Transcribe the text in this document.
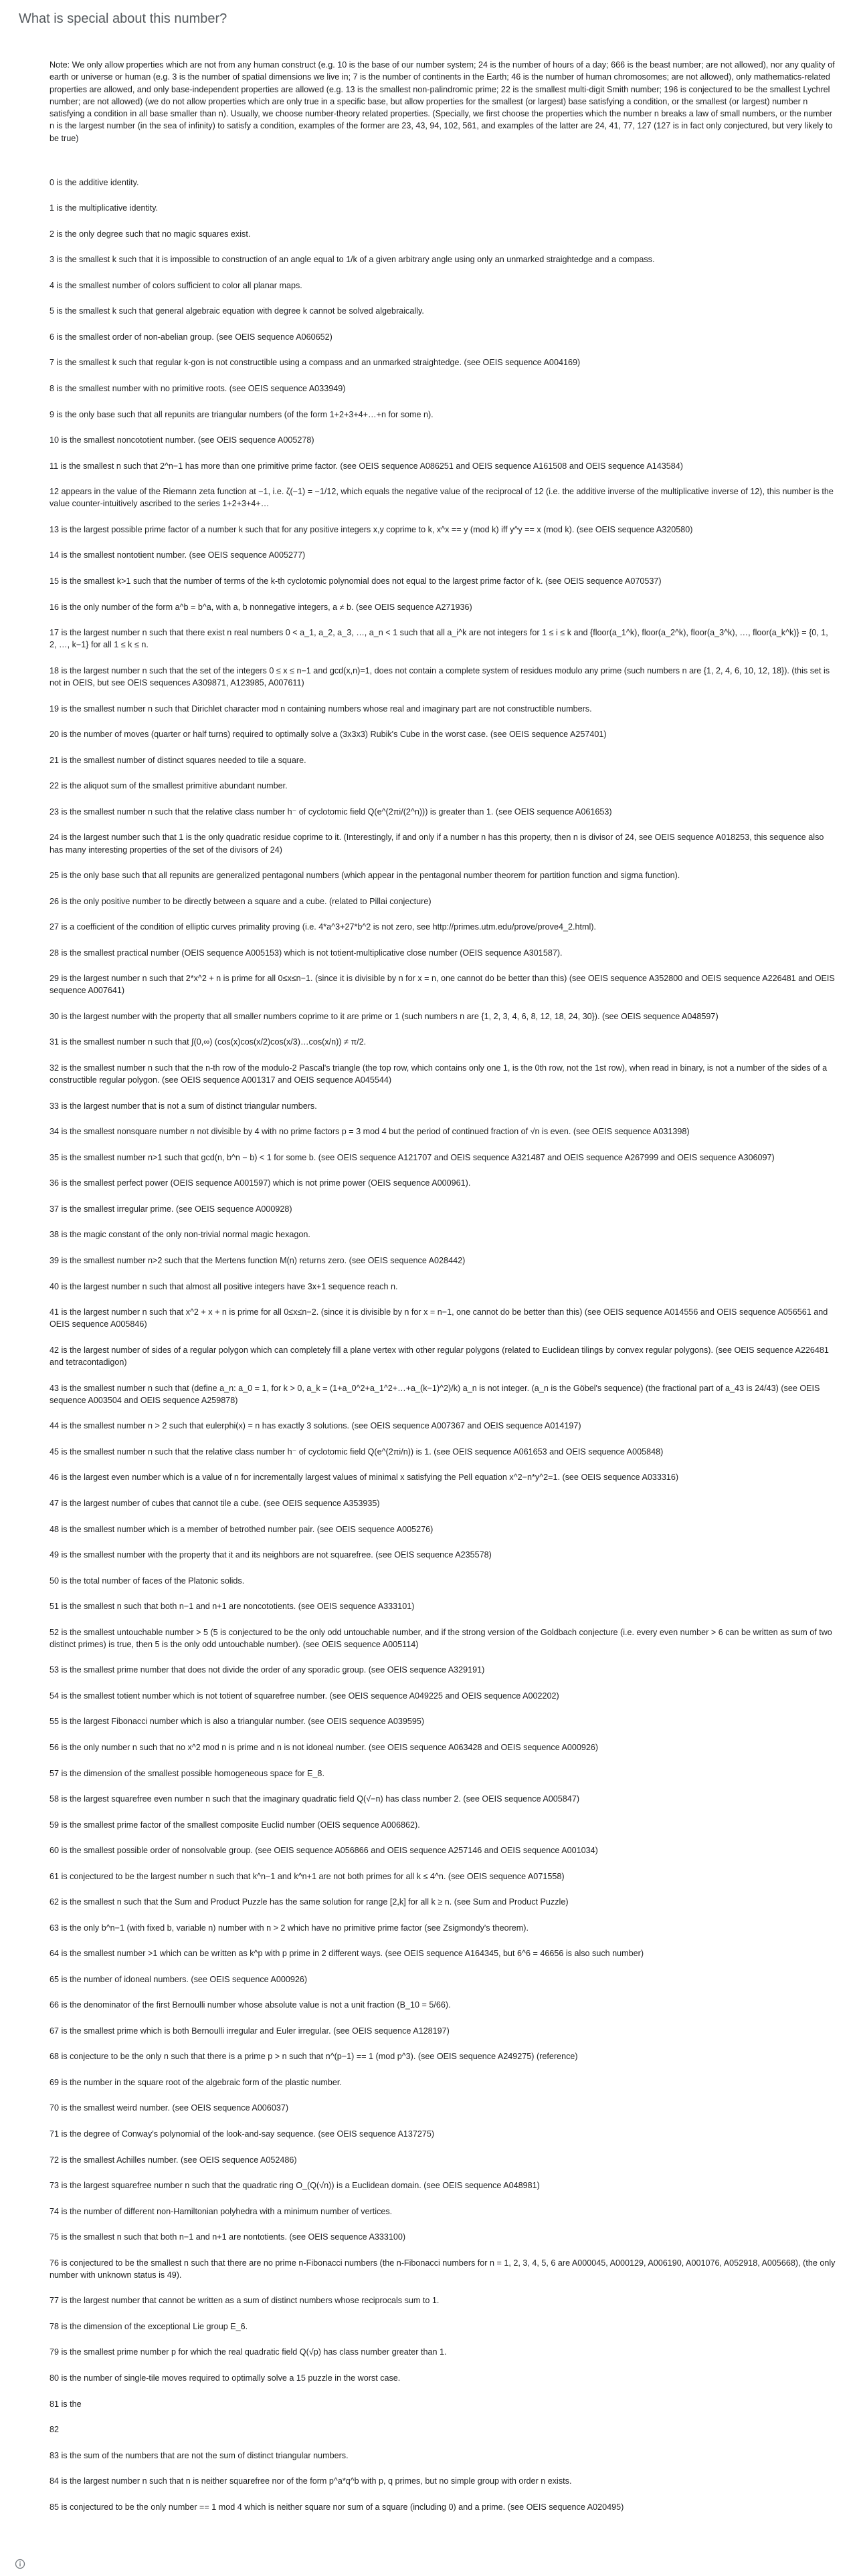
What is special about this number?

Note: We only allow properties which are not from any human construct (e.g. 10 is the base of our number system; 24 is the number of hours of a day; 666 is the beast number; are not allowed), nor any quality of earth or universe or human (e.g. 3 is the number of spatial dimensions we live in; 7 is the number of continents in the Earth; 46 is the number of human chromosomes; are not allowed), only mathematics-related properties are allowed, and only base-independent properties are allowed (e.g. 13 is the smallest non-palindromic prime; 22 is the smallest multi-digit Smith number; 196 is conjectured to be the smallest Lychrel number; are not allowed) (we do not allow properties which are only true in a specific base, but allow properties for the smallest (or largest) base satisfying a condition, or the smallest (or largest) number n satisfying a condition in all base smaller than n). Usually, we choose number-theory related properties. (Specially, we first choose the properties which the number n breaks a law of small numbers, or the number n is the largest number (in the sea of infinity) to satisfy a condition, examples of the former are 23, 43, 94, 102, 561, and examples of the latter are 24, 41, 77, 127 (127 is in fact only conjectured, but very likely to be true)

0 is the additive identity.

1 is the multiplicative identity.

2 is the only degree such that no magic squares exist.

3 is the smallest k such that it is impossible to construction of an angle equal to 1/k of a given arbitrary angle using only an unmarked straightedge and a compass.

4 is the smallest number of colors sufficient to color all planar maps.

5 is the smallest k such that general algebraic equation with degree k cannot be solved algebraically.

6 is the smallest order of non-abelian group. (see OEIS sequence A060652)

7 is the smallest k such that regular k-gon is not constructible using a compass and an unmarked straightedge. (see OEIS sequence A004169)

8 is the smallest number with no primitive roots. (see OEIS sequence A033949)

9 is the only base such that all repunits are triangular numbers (of the form 1+2+3+4+…+n for some n).

10 is the smallest noncototient number. (see OEIS sequence A005278)

11 is the smallest n such that 2^n−1 has more than one primitive prime factor. (see OEIS sequence A086251 and OEIS sequence A161508 and OEIS sequence A143584)

12 appears in the value of the Riemann zeta function at −1, i.e. ζ(−1) = −1/12, which equals the negative value of the reciprocal of 12 (i.e. the additive inverse of the multiplicative inverse of 12), this number is the value counter-intuitively ascribed to the series 1+2+3+4+…

13 is the largest possible prime factor of a number k such that for any positive integers x,y coprime to k, x^x == y (mod k) iff y^y == x (mod k). (see OEIS sequence A320580)

14 is the smallest nontotient number. (see OEIS sequence A005277)

15 is the smallest k>1 such that the number of terms of the k-th cyclotomic polynomial does not equal to the largest prime factor of k. (see OEIS sequence A070537)

16 is the only number of the form a^b = b^a, with a, b nonnegative integers, a ≠ b. (see OEIS sequence A271936)

17 is the largest number n such that there exist n real numbers 0 < a_1, a_2, a_3, …, a_n < 1 such that all a_i^k are not integers for 1 ≤ i ≤ k and {floor(a_1^k), floor(a_2^k), floor(a_3^k), …, floor(a_k^k)} = {0, 1, 2, …, k−1} for all 1 ≤ k ≤ n.

18 is the largest number n such that the set of the integers 0 ≤ x ≤ n−1 and gcd(x,n)=1, does not contain a complete system of residues modulo any prime (such numbers n are {1, 2, 4, 6, 10, 12, 18}). (this set is not in OEIS, but see OEIS sequences A309871, A123985, A007611)

19 is the smallest number n such that Dirichlet character mod n containing numbers whose real and imaginary part are not constructible numbers.

20 is the number of moves (quarter or half turns) required to optimally solve a (3x3x3) Rubik's Cube in the worst case. (see OEIS sequence A257401)

21 is the smallest number of distinct squares needed to tile a square.

22 is the aliquot sum of the smallest primitive abundant number.

23 is the smallest number n such that the relative class number h⁻ of cyclotomic field Q(e^(2πi/(2^n))) is greater than 1. (see OEIS sequence A061653)

24 is the largest number such that 1 is the only quadratic residue coprime to it. (Interestingly, if and only if a number n has this property, then n is divisor of 24, see OEIS sequence A018253, this sequence also has many interesting properties of the set of the divisors of 24)

25 is the only base such that all repunits are generalized pentagonal numbers (which appear in the pentagonal number theorem for partition function and sigma function).

26 is the only positive number to be directly between a square and a cube. (related to Pillai conjecture)

27 is a coefficient of the condition of elliptic curves primality proving (i.e. 4*a^3+27*b^2 is not zero, see http://primes.utm.edu/prove/prove4_2.html).

28 is the smallest practical number (OEIS sequence A005153) which is not totient-multiplicative close number (OEIS sequence A301587).

29 is the largest number n such that 2*x^2 + n is prime for all 0≤x≤n−1. (since it is divisible by n for x = n, one cannot do be better than this) (see OEIS sequence A352800 and OEIS sequence A226481 and OEIS sequence A007641)

30 is the largest number with the property that all smaller numbers coprime to it are prime or 1 (such numbers n are {1, 2, 3, 4, 6, 8, 12, 18, 24, 30}). (see OEIS sequence A048597)

31 is the smallest number n such that ∫(0,∞) (cos(x)cos(x/2)cos(x/3)…cos(x/n)) ≠ π/2.

32 is the smallest number n such that the n-th row of the modulo-2 Pascal's triangle (the top row, which contains only one 1, is the 0th row, not the 1st row), when read in binary, is not a number of the sides of a constructible regular polygon. (see OEIS sequence A001317 and OEIS sequence A045544)

33 is the largest number that is not a sum of distinct triangular numbers.

34 is the smallest nonsquare number n not divisible by 4 with no prime factors p = 3 mod 4 but the period of continued fraction of √n is even. (see OEIS sequence A031398)

35 is the smallest number n>1 such that gcd(n, b^n − b) < 1 for some b. (see OEIS sequence A121707 and OEIS sequence A321487 and OEIS sequence A267999 and OEIS sequence A306097)

36 is the smallest perfect power (OEIS sequence A001597) which is not prime power (OEIS sequence A000961).

37 is the smallest irregular prime. (see OEIS sequence A000928)

38 is the magic constant of the only non-trivial normal magic hexagon.

39 is the smallest number n>2 such that the Mertens function M(n) returns zero. (see OEIS sequence A028442)

40 is the largest number n such that almost all positive integers have 3x+1 sequence reach n.

41 is the largest number n such that x^2 + x + n is prime for all 0≤x≤n−2. (since it is divisible by n for x = n−1, one cannot do be better than this) (see OEIS sequence A014556 and OEIS sequence A056561 and OEIS sequence A005846)

42 is the largest number of sides of a regular polygon which can completely fill a plane vertex with other regular polygons (related to Euclidean tilings by convex regular polygons). (see OEIS sequence A226481 and tetracontadigon)

43 is the smallest number n such that (define a_n: a_0 = 1, for k > 0, a_k = (1+a_0^2+a_1^2+…+a_(k−1)^2)/k) a_n is not integer. (a_n is the Göbel's sequence) (the fractional part of a_43 is 24/43) (see OEIS sequence A003504 and OEIS sequence A259878)

44 is the smallest number n > 2 such that eulerphi(x) = n has exactly 3 solutions. (see OEIS sequence A007367 and OEIS sequence A014197)

45 is the smallest number n such that the relative class number h⁻ of cyclotomic field Q(e^(2πi/n)) is 1. (see OEIS sequence A061653 and OEIS sequence A005848)

46 is the largest even number which is a value of n for incrementally largest values of minimal x satisfying the Pell equation x^2−n*y^2=1. (see OEIS sequence A033316)

47 is the largest number of cubes that cannot tile a cube. (see OEIS sequence A353935)

48 is the smallest number which is a member of betrothed number pair. (see OEIS sequence A005276)

49 is the smallest number with the property that it and its neighbors are not squarefree. (see OEIS sequence A235578)

50 is the total number of faces of the Platonic solids.

51 is the smallest n such that both n−1 and n+1 are noncototients. (see OEIS sequence A333101)

52 is the smallest untouchable number > 5 (5 is conjectured to be the only odd untouchable number, and if the strong version of the Goldbach conjecture (i.e. every even number > 6 can be written as sum of two distinct primes) is true, then 5 is the only odd untouchable number). (see OEIS sequence A005114)

53 is the smallest prime number that does not divide the order of any sporadic group. (see OEIS sequence A329191)

54 is the smallest totient number which is not totient of squarefree number. (see OEIS sequence A049225 and OEIS sequence A002202)

55 is the largest Fibonacci number which is also a triangular number. (see OEIS sequence A039595)

56 is the only number n such that no x^2 mod n is prime and n is not idoneal number. (see OEIS sequence A063428 and OEIS sequence A000926)

57 is the dimension of the smallest possible homogeneous space for E_8.

58 is the largest squarefree even number n such that the imaginary quadratic field Q(√−n) has class number 2. (see OEIS sequence A005847)

59 is the smallest prime factor of the smallest composite Euclid number (OEIS sequence A006862).

60 is the smallest possible order of nonsolvable group. (see OEIS sequence A056866 and OEIS sequence A257146 and OEIS sequence A001034)

61 is conjectured to be the largest number n such that k^n−1 and k^n+1 are not both primes for all k ≤ 4^n. (see OEIS sequence A071558)

62 is the smallest n such that the Sum and Product Puzzle has the same solution for range [2,k] for all k ≥ n. (see Sum and Product Puzzle)

63 is the only b^n−1 (with fixed b, variable n) number with n > 2 which have no primitive prime factor (see Zsigmondy's theorem).

64 is the smallest number >1 which can be written as k^p with p prime in 2 different ways. (see OEIS sequence A164345, but 6^6 = 46656 is also such number)

65 is the number of idoneal numbers. (see OEIS sequence A000926)

66 is the denominator of the first Bernoulli number whose absolute value is not a unit fraction (B_10 = 5/66).

67 is the smallest prime which is both Bernoulli irregular and Euler irregular. (see OEIS sequence A128197)

68 is conjecture to be the only n such that there is a prime p > n such that n^(p−1) == 1 (mod p^3). (see OEIS sequence A249275) (reference)

69 is the number in the square root of the algebraic form of the plastic number.

70 is the smallest weird number. (see OEIS sequence A006037)

71 is the degree of Conway's polynomial of the look-and-say sequence. (see OEIS sequence A137275)

72 is the smallest Achilles number. (see OEIS sequence A052486)

73 is the largest squarefree number n such that the quadratic ring O_(Q(√n)) is a Euclidean domain. (see OEIS sequence A048981)

74 is the number of different non-Hamiltonian polyhedra with a minimum number of vertices.

75 is the smallest n such that both n−1 and n+1 are nontotients. (see OEIS sequence A333100)

76 is conjectured to be the smallest n such that there are no prime n-Fibonacci numbers (the n-Fibonacci numbers for n = 1, 2, 3, 4, 5, 6 are A000045, A000129, A006190, A001076, A052918, A005668), (the only number with unknown status is 49).

77 is the largest number that cannot be written as a sum of distinct numbers whose reciprocals sum to 1.

78 is the dimension of the exceptional Lie group E_6.

79 is the smallest prime number p for which the real quadratic field Q(√p) has class number greater than 1.

80 is the number of single-tile moves required to optimally solve a 15 puzzle in the worst case.

81 is the

82

83 is the sum of the numbers that are not the sum of distinct triangular numbers.

84 is the largest number n such that n is neither squarefree nor of the form p^a*q^b with p, q primes, but no simple group with order n exists.

85 is conjectured to be the only number == 1 mod 4 which is neither square nor sum of a square (including 0) and a prime. (see OEIS sequence A020495)
